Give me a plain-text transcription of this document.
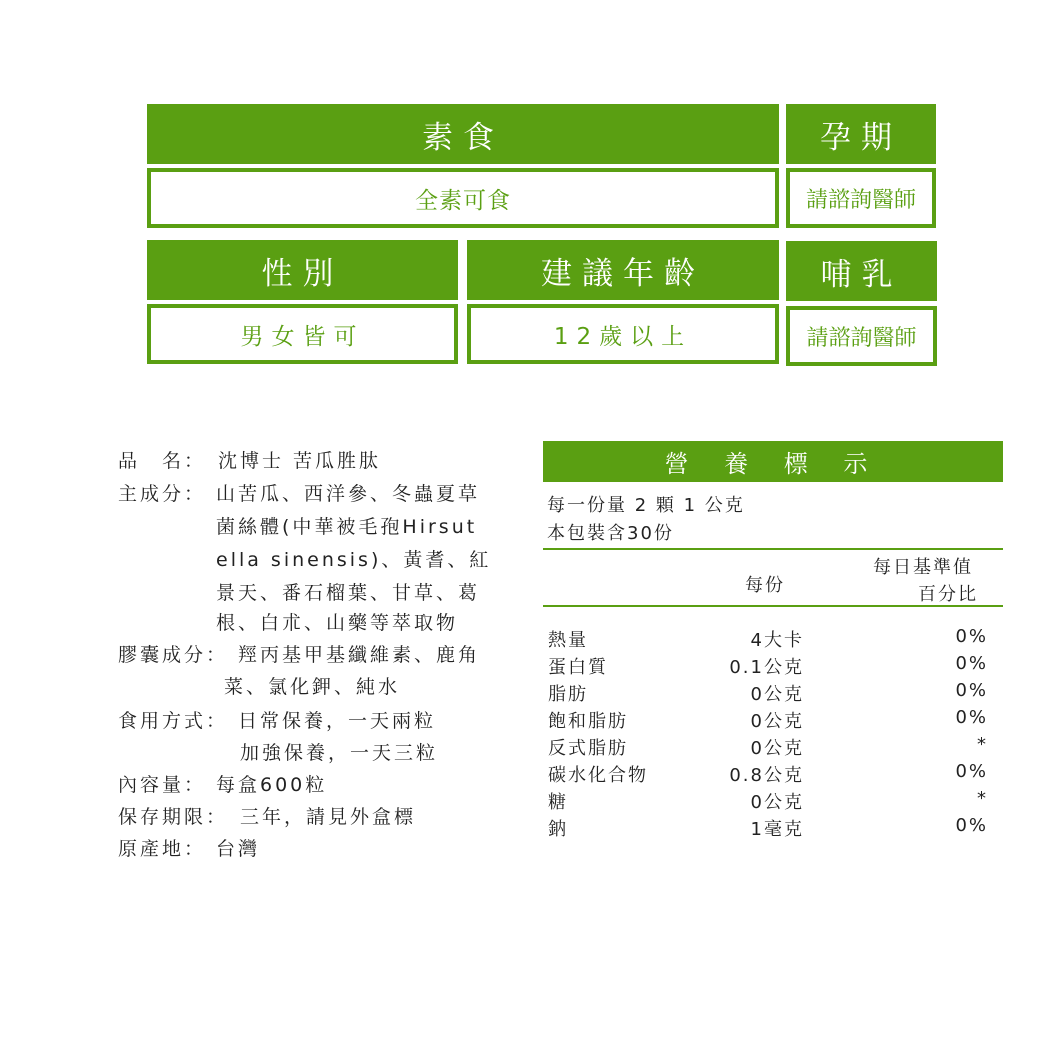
素食	孕期
全素可食	請諮詢醫師
性別	建議年齡	哺乳
男女皆可	12歲以上	請諮詢醫師
品　名： 沈博士 苦瓜胜肽
主成分： 山苦瓜、西洋參、冬蟲夏草
菌絲體(中華被毛孢Hirsut
ella sinensis)、黃耆、紅
景天、番石榴葉、甘草、葛
根、白朮、山藥等萃取物
膠囊成分： 羥丙基甲基纖維素、鹿角
菜、氯化鉀、純水
食用方式： 日常保養，一天兩粒
加強保養，一天三粒
內容量： 每盒600粒
保存期限： 三年，請見外盒標
原產地： 台灣
營 養 標 示
每一份量 2 顆 1 公克
本包裝含30份
每份
每日基準值
百分比
熱量	4大卡	0%
蛋白質	0.1公克	0%
脂肪	0公克	0%
飽和脂肪	0公克	0%
反式脂肪	0公克	*
碳水化合物	0.8公克	0%
糖	0公克	*
鈉	1毫克	0%
